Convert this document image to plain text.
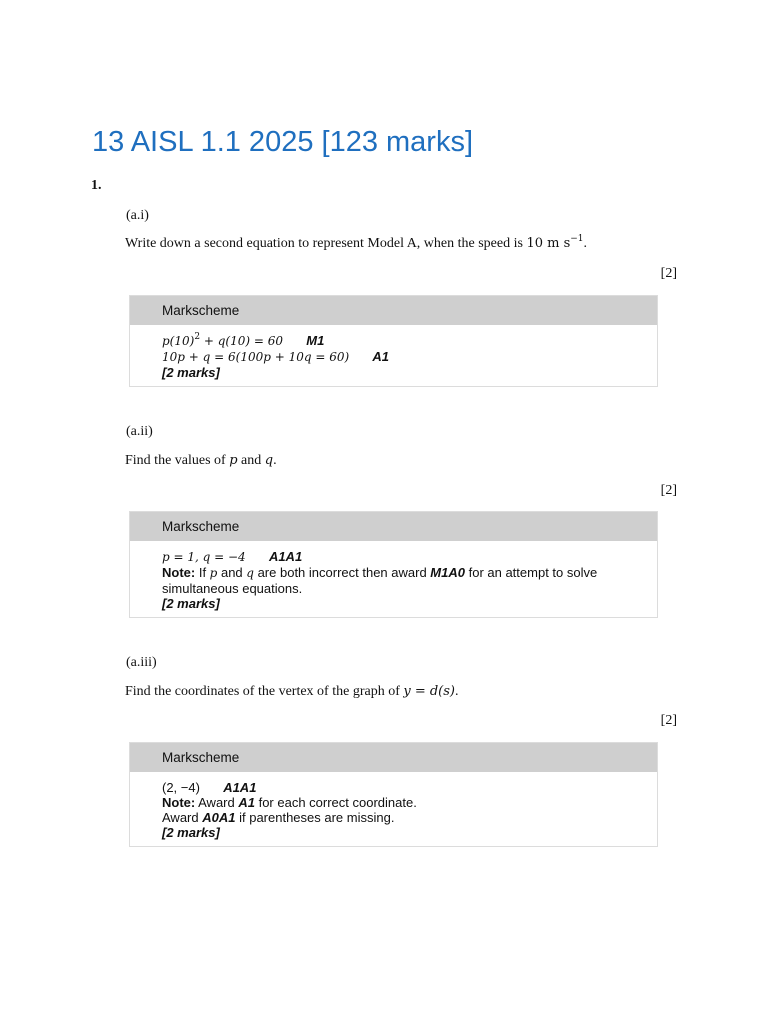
13 AISL 1.1 2025 [123 marks]
1.
(a.i)
Write down a second equation to represent Model A, when the speed is 10 m $s^{-1}$.
[2]
Markscheme
$p(10)^2 + q(10) = 60$ M1
10p + q = 6(100p + 10q = 60) A1
[2 marks]
(a.ii)
Find the values of p and q.
[2]
Markscheme
p = 1, q = −4 A1A1
Note: If p and q are both incorrect then award M1A0 for an attempt to solve
simultaneous equations.
[2 marks]
(a.iii)
Find the coordinates of the vertex of the graph of y = d(s).
[2]
Markscheme
(2, −4) A1A1
Note: Award A1 for each correct coordinate.
Award A0A1 if parentheses are missing.
[2 marks]
